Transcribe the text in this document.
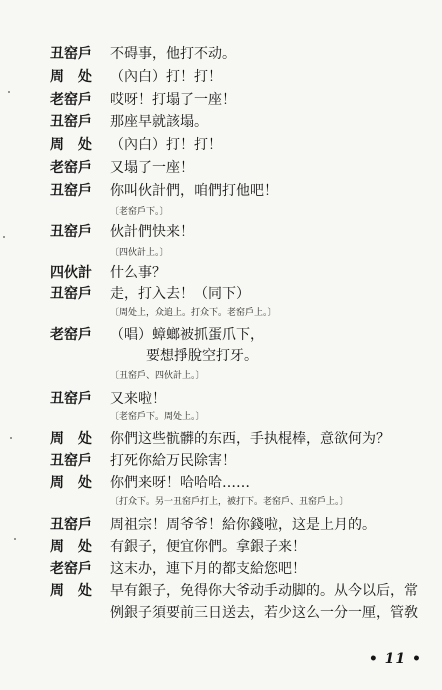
丑窑戶	不碍事，他打不动。
周　处	（內白）打！打！
老窑戶	哎呀！打塌了一座！
丑窑戶	那座早就該塌。
周　处	（內白）打！打！
老窑戶	又塌了一座！
丑窑戶	你叫伙計們，咱們打他吧！
〔老窑戶下。〕
丑窑戶	伙計們快来！
〔四伙計上。〕
四伙計	什么事？
丑窑戶	走，打入去！（同下）
〔周处上，众追上。打众下。老窑戶上。〕
老窑戶	（唱）蟑螂被抓蛋爪下，
要想掙脫空打牙。
〔丑窑戶、四伙計上。〕
丑窑戶	又来啦！
〔老窑戶下。周处上。〕
周　处	你們这些骯髒的东西，手执棍棒，意欲何为？
丑窑戶	打死你給万民除害！
周　处	你們来呀！哈哈哈……
〔打众下。另一丑窑戶打上，被打下。老窑戶、丑窑戶上。〕
丑窑戶	周祖宗！周爷爷！給你錢啦，这是上月的。
周　处	有銀子，便宜你們。拿銀子来！
老窑戶	这末办，連下月的都支給您吧！
周　处	早有銀子，免得你大爷动手动脚的。从今以后，常
例銀子須要前三日送去，若少这么一分一厘，管敎
• 11 •
